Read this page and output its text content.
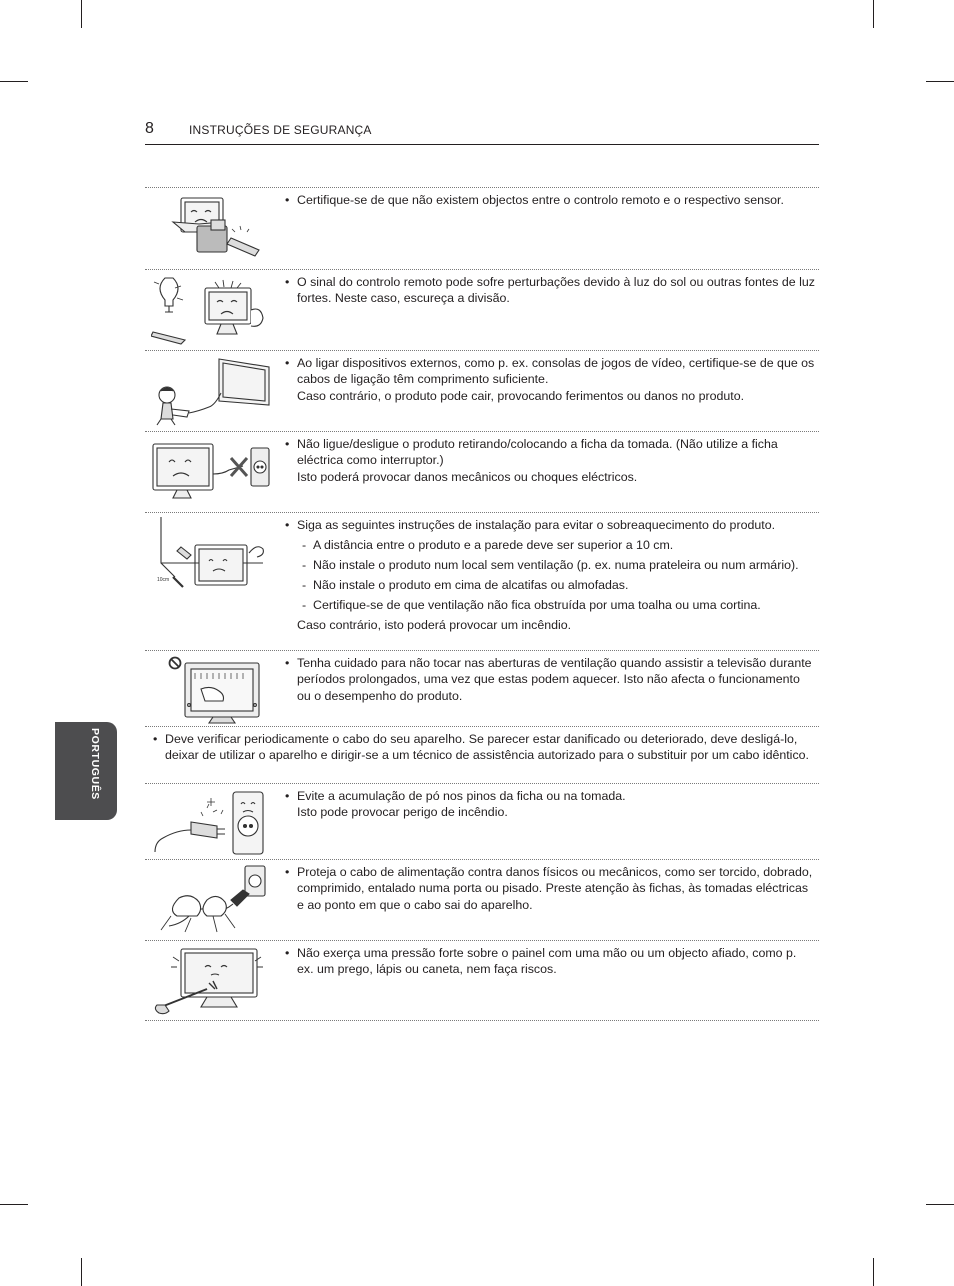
8	INSTRUÇÕES DE SEGURANÇA
PORTUGUÊS
• Certifique-se de que não existem objectos entre o controlo remoto e o respectivo sensor.
• O sinal do controlo remoto pode sofre perturbações devido à luz do sol ou outras fontes de luz fortes. Neste caso, escureça a divisão.
• Ao ligar dispositivos externos, como p. ex. consolas de jogos de vídeo, certifique-se de que os cabos de ligação têm comprimento suficiente.
Caso contrário, o produto pode cair, provocando ferimentos ou danos no produto.
• Não ligue/desligue o produto retirando/colocando a ficha da tomada. (Não utilize a ficha eléctrica como interruptor.)
Isto poderá provocar danos mecânicos ou choques eléctricos.
10cm
• Siga as seguintes instruções de instalação para evitar o sobreaquecimento do produto.
- A distância entre o produto e a parede deve ser superior a 10 cm.
- Não instale o produto num local sem ventilação (p. ex. numa prateleira ou num armário).
- Não instale o produto em cima de alcatifas ou almofadas.
- Certifique-se de que ventilação não fica obstruída por uma toalha ou uma cortina.
Caso contrário, isto poderá provocar um incêndio.
• Tenha cuidado para não tocar nas aberturas de ventilação quando assistir a televisão durante períodos prolongados, uma vez que estas podem aquecer. Isto não afecta o funcionamento ou o desempenho do produto.
• Deve verificar periodicamente o cabo do seu aparelho. Se parecer estar danificado ou deteriorado, deve desligá-lo, deixar de utilizar o aparelho e dirigir-se a um técnico de assistência autorizado para o substituir por um cabo idêntico.
• Evite a acumulação de pó nos pinos da ficha ou na tomada.
Isto pode provocar perigo de incêndio.
• Proteja o cabo de alimentação contra danos físicos ou mecânicos, como ser torcido, dobrado, comprimido, entalado numa porta ou pisado. Preste atenção às fichas, às tomadas eléctricas e ao ponto em que o cabo sai do aparelho.
• Não exerça uma pressão forte sobre o painel com uma mão ou um objecto afiado, como p. ex. um prego, lápis ou caneta, nem faça riscos.
